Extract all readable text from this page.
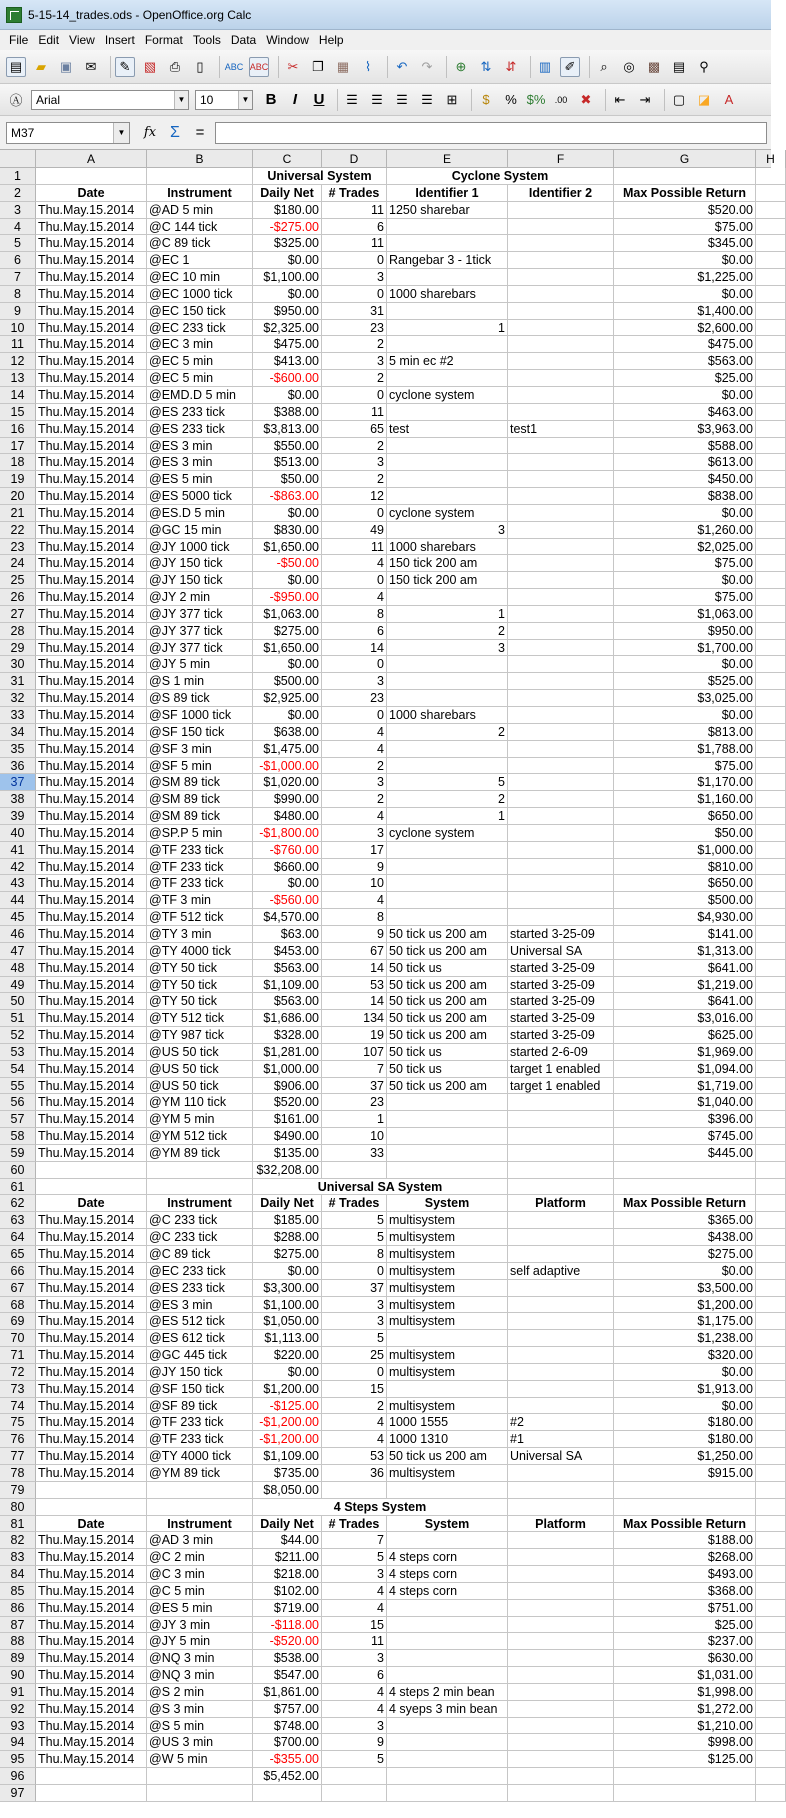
5-15-14_trades.ods - OpenOffice.org Calc
File Edit View Insert Format Tools Data Window Help
▤	▰	▣	✉	✎	▧	⎙	▯	ABC ABC	✂	❐	▦	⌇	↶	↷	⊕	⇅	⇵	▥	✐	⌕	◎	▩ ▤	⚲
Ⓐ Arial	▼ 10	▼	B	I	U	☰	☰	☰	☰	⊞	$	% $%	.00	✖	⇤	⇥	▢ ◪	A
M37	▼	fx Σ	=
A	B	C	D	E	F	G	H
1	Universal System	Cyclone System
2	Date	Instrument	Daily Net	# Trades	Identifier 1	Identifier 2	Max Possible Return
3	Thu.May.15.2014	@AD 5 min	$180.00	11 1250 sharebar	$520.00
4	Thu.May.15.2014	@C 144 tick	-$275.00	6	$75.00
5	Thu.May.15.2014	@C 89 tick	$325.00	11	$345.00
6	Thu.May.15.2014	@EC 1	$0.00	0 Rangebar 3 - 1tick	$0.00
7	Thu.May.15.2014	@EC 10 min	$1,100.00	3	$1,225.00
8	Thu.May.15.2014	@EC 1000 tick	$0.00	0 1000 sharebars	$0.00
9	Thu.May.15.2014	@EC 150 tick	$950.00	31	$1,400.00
10	Thu.May.15.2014	@EC 233 tick	$2,325.00	23	1	$2,600.00
11	Thu.May.15.2014	@EC 3 min	$475.00	2	$475.00
12	Thu.May.15.2014	@EC 5 min	$413.00	3 5 min ec #2	$563.00
13	Thu.May.15.2014	@EC 5 min	-$600.00	2	$25.00
14	Thu.May.15.2014	@EMD.D 5 min	$0.00	0 cyclone system	$0.00
15	Thu.May.15.2014	@ES 233 tick	$388.00	11	$463.00
16	Thu.May.15.2014	@ES 233 tick	$3,813.00	65 test	test1	$3,963.00
17	Thu.May.15.2014	@ES 3 min	$550.00	2	$588.00
18	Thu.May.15.2014	@ES 3 min	$513.00	3	$613.00
19	Thu.May.15.2014	@ES 5 min	$50.00	2	$450.00
20	Thu.May.15.2014	@ES 5000 tick	-$863.00	12	$838.00
21	Thu.May.15.2014	@ES.D 5 min	$0.00	0 cyclone system	$0.00
22	Thu.May.15.2014	@GC 15 min	$830.00	49	3	$1,260.00
23	Thu.May.15.2014	@JY 1000 tick	$1,650.00	11 1000 sharebars	$2,025.00
24	Thu.May.15.2014	@JY 150 tick	-$50.00	4 150 tick 200 am	$75.00
25	Thu.May.15.2014	@JY 150 tick	$0.00	0 150 tick 200 am	$0.00
26	Thu.May.15.2014	@JY 2 min	-$950.00	4	$75.00
27	Thu.May.15.2014	@JY 377 tick	$1,063.00	8	1	$1,063.00
28	Thu.May.15.2014	@JY 377 tick	$275.00	6	2	$950.00
29	Thu.May.15.2014	@JY 377 tick	$1,650.00	14	3	$1,700.00
30	Thu.May.15.2014	@JY 5 min	$0.00	0	$0.00
31	Thu.May.15.2014	@S 1 min	$500.00	3	$525.00
32	Thu.May.15.2014	@S 89 tick	$2,925.00	23	$3,025.00
33	Thu.May.15.2014	@SF 1000 tick	$0.00	0 1000 sharebars	$0.00
34	Thu.May.15.2014	@SF 150 tick	$638.00	4	2	$813.00
35	Thu.May.15.2014	@SF 3 min	$1,475.00	4	$1,788.00
36	Thu.May.15.2014	@SF 5 min	-$1,000.00	2	$75.00
37	Thu.May.15.2014	@SM 89 tick	$1,020.00	3	5	$1,170.00
38	Thu.May.15.2014	@SM 89 tick	$990.00	2	2	$1,160.00
39	Thu.May.15.2014	@SM 89 tick	$480.00	4	1	$650.00
40	Thu.May.15.2014	@SP.P 5 min	-$1,800.00	3 cyclone system	$50.00
41	Thu.May.15.2014	@TF 233 tick	-$760.00	17	$1,000.00
42	Thu.May.15.2014	@TF 233 tick	$660.00	9	$810.00
43	Thu.May.15.2014	@TF 233 tick	$0.00	10	$650.00
44	Thu.May.15.2014	@TF 3 min	-$560.00	4	$500.00
45	Thu.May.15.2014	@TF 512 tick	$4,570.00	8	$4,930.00
46	Thu.May.15.2014	@TY 3 min	$63.00	9 50 tick us 200 am	started 3-25-09	$141.00
47	Thu.May.15.2014	@TY 4000 tick	$453.00	67 50 tick us 200 am	Universal SA	$1,313.00
48	Thu.May.15.2014	@TY 50 tick	$563.00	14 50 tick us	started 3-25-09	$641.00
49	Thu.May.15.2014	@TY 50 tick	$1,109.00	53 50 tick us 200 am	started 3-25-09	$1,219.00
50	Thu.May.15.2014	@TY 50 tick	$563.00	14 50 tick us 200 am	started 3-25-09	$641.00
51	Thu.May.15.2014	@TY 512 tick	$1,686.00	134 50 tick us 200 am	started 3-25-09	$3,016.00
52	Thu.May.15.2014	@TY 987 tick	$328.00	19 50 tick us 200 am	started 3-25-09	$625.00
53	Thu.May.15.2014	@US 50 tick	$1,281.00	107 50 tick us	started 2-6-09	$1,969.00
54	Thu.May.15.2014	@US 50 tick	$1,000.00	7 50 tick us	target 1 enabled	$1,094.00
55	Thu.May.15.2014	@US 50 tick	$906.00	37 50 tick us 200 am	target 1 enabled	$1,719.00
56	Thu.May.15.2014	@YM 110 tick	$520.00	23	$1,040.00
57	Thu.May.15.2014	@YM 5 min	$161.00	1	$396.00
58	Thu.May.15.2014	@YM 512 tick	$490.00	10	$745.00
59	Thu.May.15.2014	@YM 89 tick	$135.00	33	$445.00
60	$32,208.00
61	Universal SA System
62	Date	Instrument	Daily Net	# Trades	System	Platform	Max Possible Return
63	Thu.May.15.2014	@C 233 tick	$185.00	5 multisystem	$365.00
64	Thu.May.15.2014	@C 233 tick	$288.00	5 multisystem	$438.00
65	Thu.May.15.2014	@C 89 tick	$275.00	8 multisystem	$275.00
66	Thu.May.15.2014	@EC 233 tick	$0.00	0 multisystem	self adaptive	$0.00
67	Thu.May.15.2014	@ES 233 tick	$3,300.00	37 multisystem	$3,500.00
68	Thu.May.15.2014	@ES 3 min	$1,100.00	3 multisystem	$1,200.00
69	Thu.May.15.2014	@ES 512 tick	$1,050.00	3 multisystem	$1,175.00
70	Thu.May.15.2014	@ES 612 tick	$1,113.00	5	$1,238.00
71	Thu.May.15.2014	@GC 445 tick	$220.00	25 multisystem	$320.00
72	Thu.May.15.2014	@JY 150 tick	$0.00	0 multisystem	$0.00
73	Thu.May.15.2014	@SF 150 tick	$1,200.00	15	$1,913.00
74	Thu.May.15.2014	@SF 89 tick	-$125.00	2 multisystem	$0.00
75	Thu.May.15.2014	@TF 233 tick	-$1,200.00	4 1000 1555	#2	$180.00
76	Thu.May.15.2014	@TF 233 tick	-$1,200.00	4 1000 1310	#1	$180.00
77	Thu.May.15.2014	@TY 4000 tick	$1,109.00	53 50 tick us 200 am	Universal SA	$1,250.00
78	Thu.May.15.2014	@YM 89 tick	$735.00	36 multisystem	$915.00
79	$8,050.00
80	4 Steps System
81	Date	Instrument	Daily Net	# Trades	System	Platform	Max Possible Return
82	Thu.May.15.2014	@AD 3 min	$44.00	7	$188.00
83	Thu.May.15.2014	@C 2 min	$211.00	5 4 steps corn	$268.00
84	Thu.May.15.2014	@C 3 min	$218.00	3 4 steps corn	$493.00
85	Thu.May.15.2014	@C 5 min	$102.00	4 4 steps corn	$368.00
86	Thu.May.15.2014	@ES 5 min	$719.00	4	$751.00
87	Thu.May.15.2014	@JY 3 min	-$118.00	15	$25.00
88	Thu.May.15.2014	@JY 5 min	-$520.00	11	$237.00
89	Thu.May.15.2014	@NQ 3 min	$538.00	3	$630.00
90	Thu.May.15.2014	@NQ 3 min	$547.00	6	$1,031.00
91	Thu.May.15.2014	@S 2 min	$1,861.00	4 4 steps 2 min bean	$1,998.00
92	Thu.May.15.2014	@S 3 min	$757.00	4 4 syeps 3 min bean	$1,272.00
93	Thu.May.15.2014	@S 5 min	$748.00	3	$1,210.00
94	Thu.May.15.2014	@US 3 min	$700.00	9	$998.00
95	Thu.May.15.2014	@W 5 min	-$355.00	5	$125.00
96	$5,452.00
97
